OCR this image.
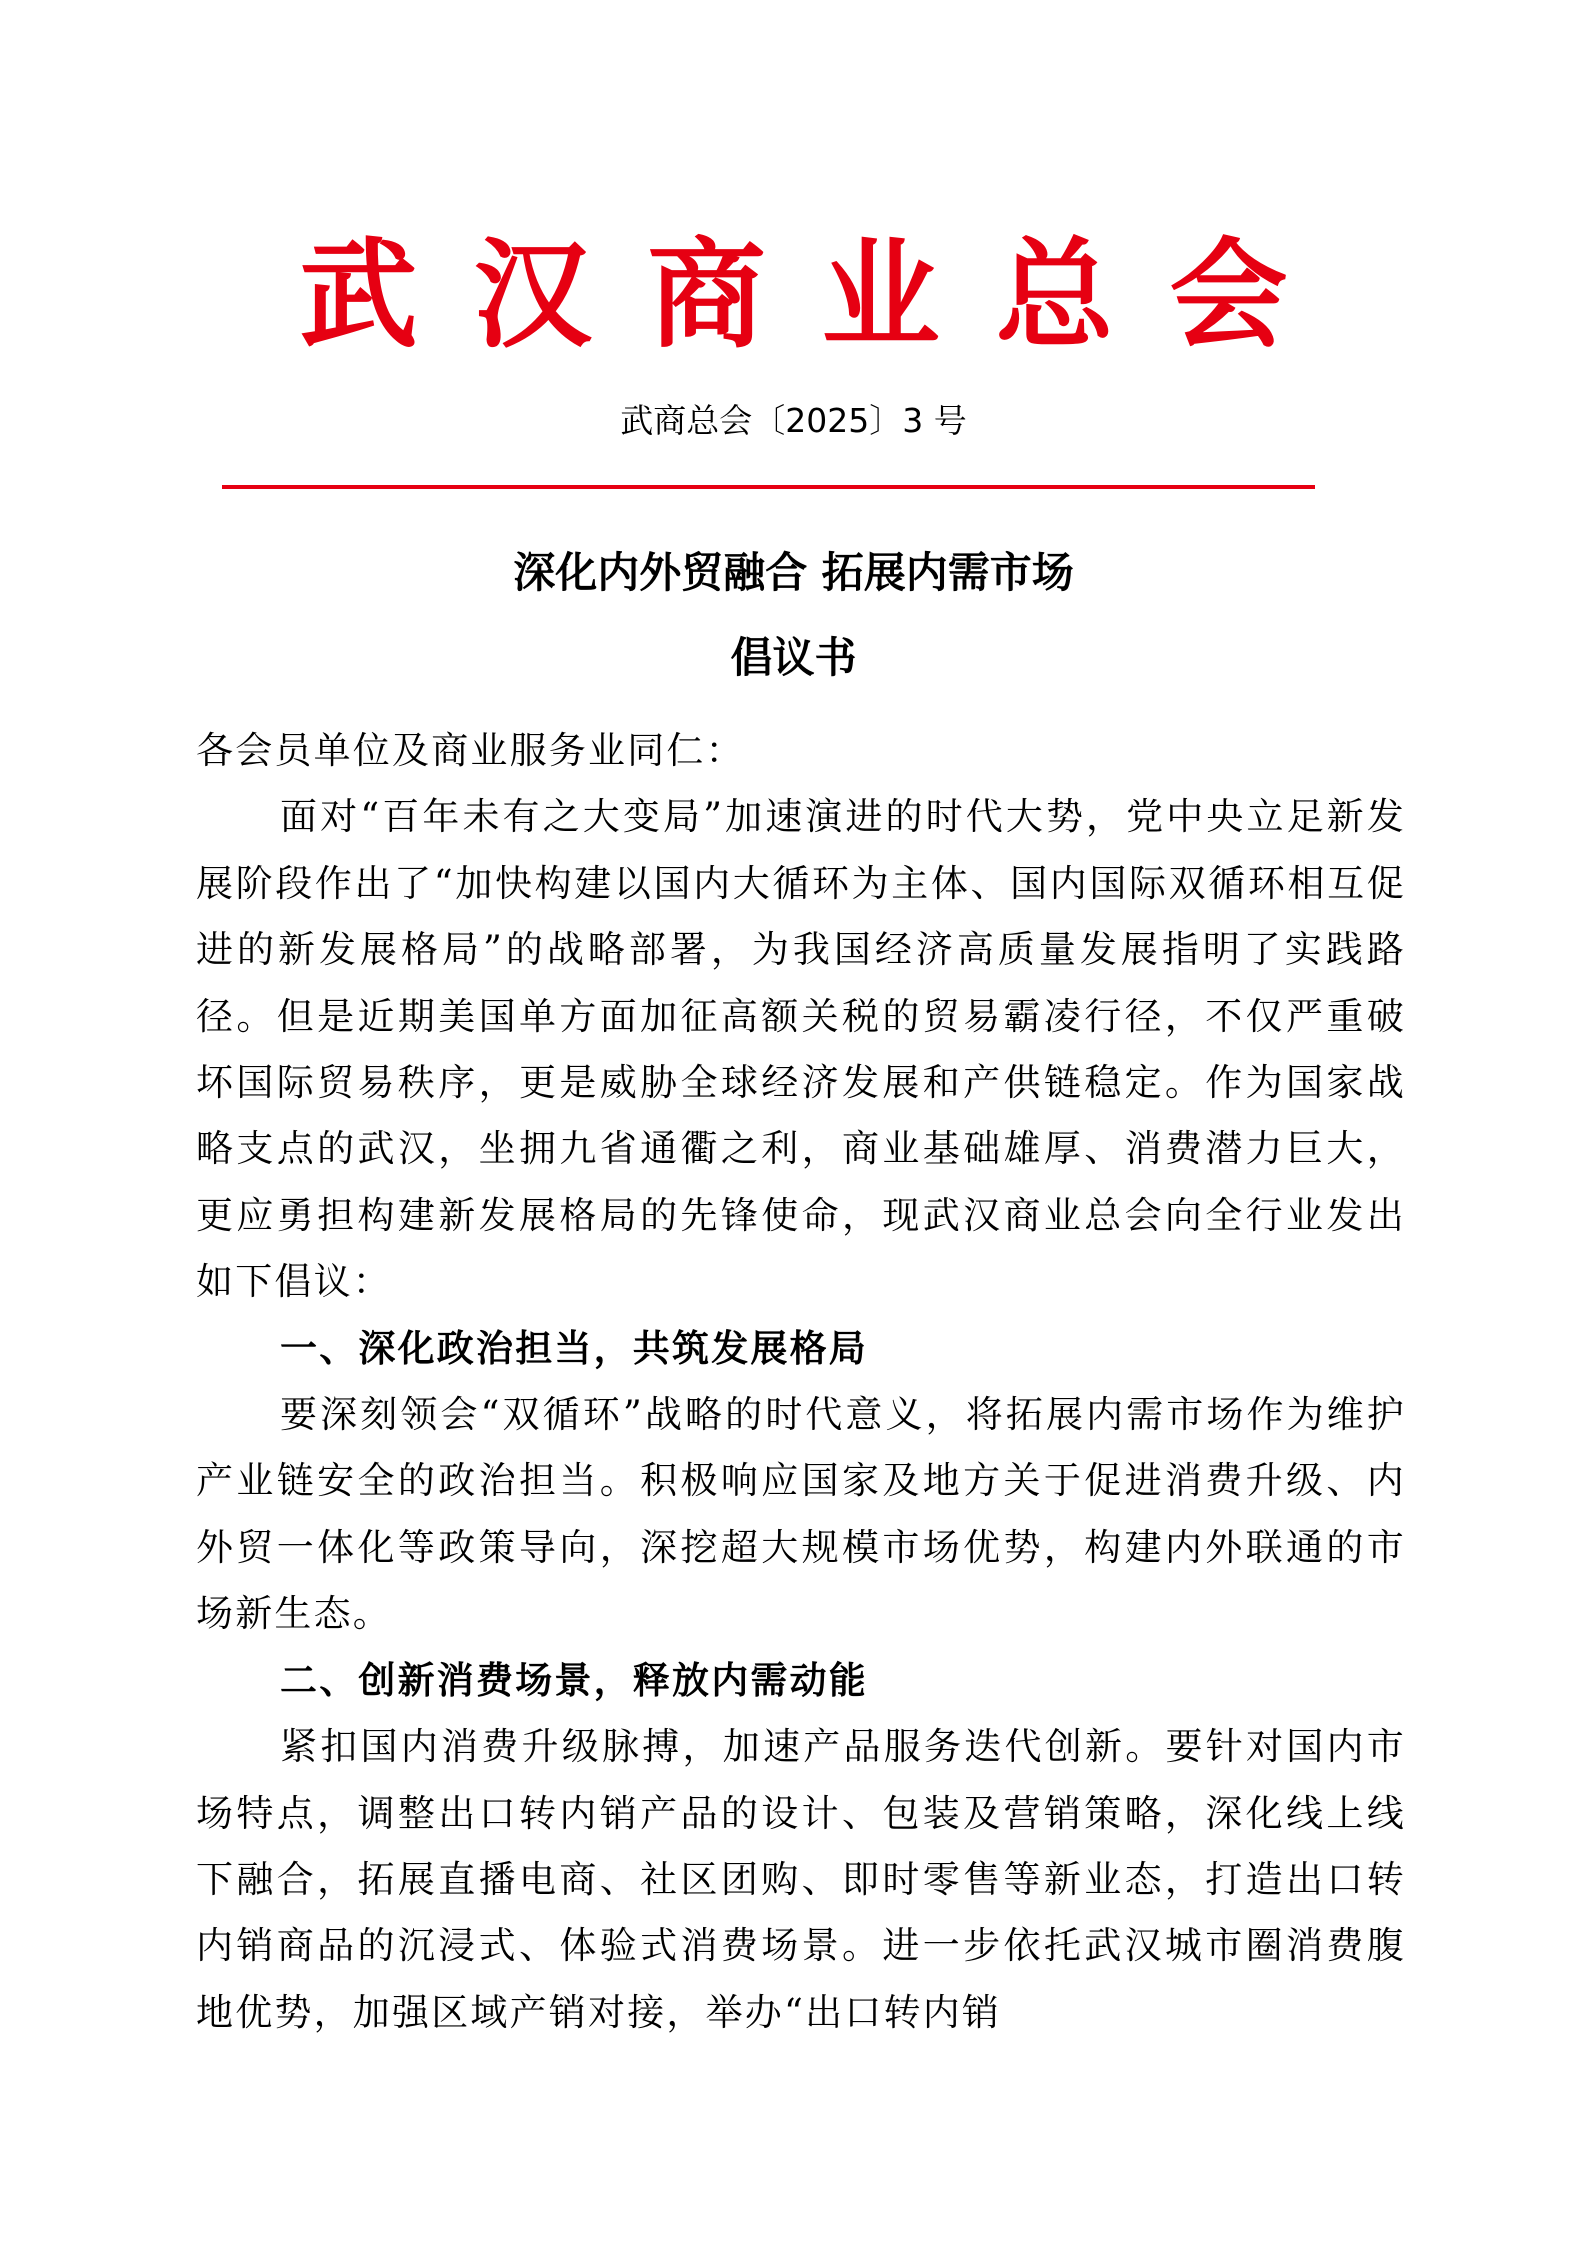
武汉商业总会
武商总会〔2025〕3 号
深化内外贸融合 拓展内需市场
倡议书

各会员单位及商业服务业同仁：

面对“百年未有之大变局”加速演进的时代大势，党中央立足新发展阶段作出了“加快构建以国内大循环为主体、国内国际双循环相互促进的新发展格局”的战略部署，为我国经济高质量发展指明了实践路径。但是近期美国单方面加征高额关税的贸易霸凌行径，不仅严重破坏国际贸易秩序，更是威胁全球经济发展和产供链稳定。作为国家战略支点的武汉，坐拥九省通衢之利，商业基础雄厚、消费潜力巨大，更应勇担构建新发展格局的先锋使命，现武汉商业总会向全行业发出如下倡议：

一、深化政治担当，共筑发展格局

要深刻领会“双循环”战略的时代意义，将拓展内需市场作为维护产业链安全的政治担当。积极响应国家及地方关于促进消费升级、内外贸一体化等政策导向，深挖超大规模市场优势，构建内外联通的市场新生态。

二、创新消费场景，释放内需动能

紧扣国内消费升级脉搏，加速产品服务迭代创新。要针对国内市场特点，调整出口转内销产品的设计、包装及营销策略，深化线上线下融合，拓展直播电商、社区团购、即时零售等新业态，打造出口转内销商品的沉浸式、体验式消费场景。进一步依托武汉城市圈消费腹地优势，加强区域产销对接，举办“出口转内销
